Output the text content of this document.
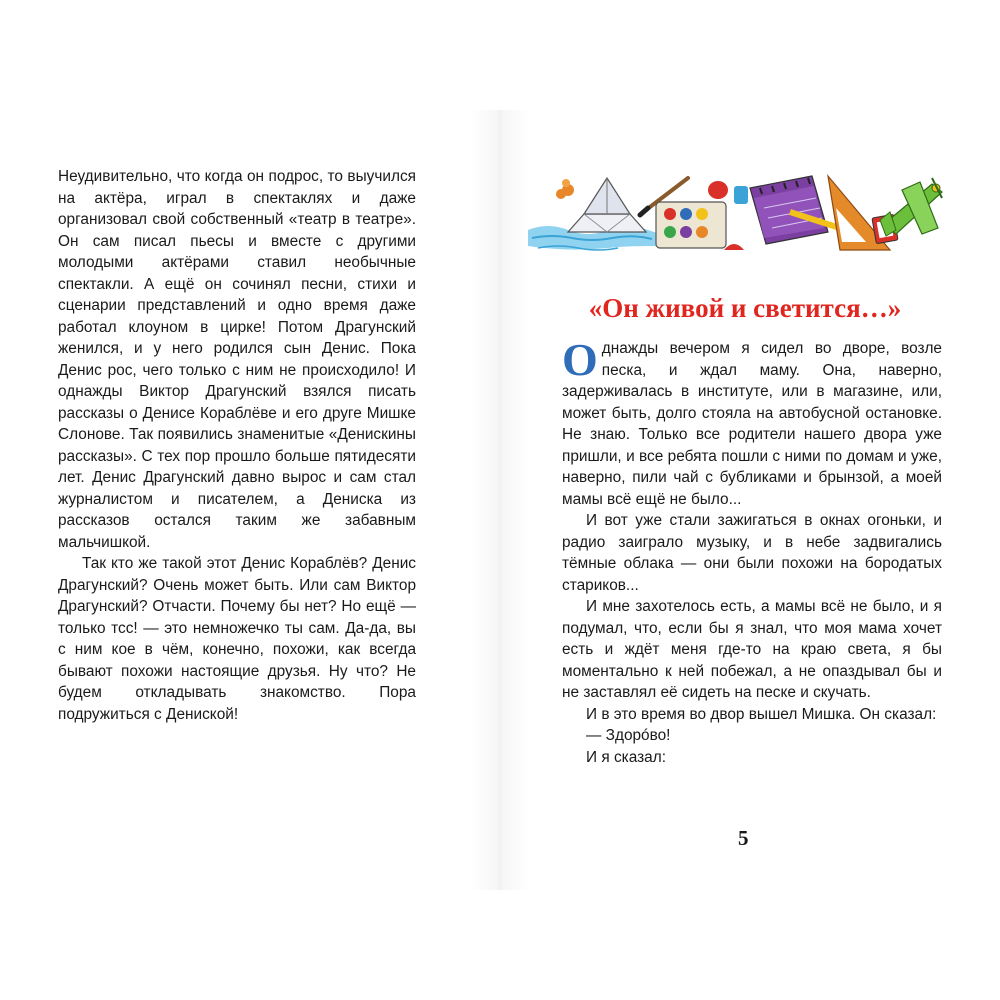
Неудивительно, что когда он подрос, то выучился на актёра, играл в спектаклях и даже организовал свой собственный «театр в театре». Он сам писал пьесы и вместе с другими молодыми актёрами ставил необычные спектакли. А ещё он сочинял песни, стихи и сценарии представлений и одно время даже работал клоуном в цирке! Потом Драгунский женился, и у него родился сын Денис. Пока Денис рос, чего только с ним не происходило! И однажды Виктор Драгунский взялся писать рассказы о Денисе Кораблёве и его друге Мишке Слонове. Так появились знаменитые «Денискины рассказы». С тех пор прошло больше пятидесяти лет. Денис Драгунский давно вырос и сам стал журналистом и писателем, а Дениска из рассказов остался таким же забавным мальчишкой.

Так кто же такой этот Денис Кораблёв? Денис Драгунский? Очень может быть. Или сам Виктор Драгунский? Отчасти. Почему бы нет? Но ещё — только тсс! — это немножечко ты сам. Да-да, вы с ним кое в чём, конечно, похожи, как всегда бывают похожи настоящие друзья. Ну что? Не будем откладывать знакомство. Пора подружиться с Дениской!

«Он живой и светится…»

Однажды вечером я сидел во дворе, возле песка, и ждал маму. Она, наверно, задерживалась в институте, или в магазине, или, может быть, долго стояла на автобусной остановке. Не знаю. Только все родители нашего двора уже пришли, и все ребята пошли с ними по домам и уже, наверно, пили чай с бубликами и брынзой, а моей мамы всё ещё не было...

И вот уже стали зажигаться в окнах огоньки, и радио заиграло музыку, и в небе задвигались тёмные облака — они были похожи на бородатых стариков...

И мне захотелось есть, а мамы всё не было, и я подумал, что, если бы я знал, что моя мама хочет есть и ждёт меня где-то на краю света, я бы моментально к ней побежал, а не опаздывал бы и не заставлял её сидеть на песке и скучать.

И в это время во двор вышел Мишка. Он сказал:

— Здорóво!

И я сказал:

5
